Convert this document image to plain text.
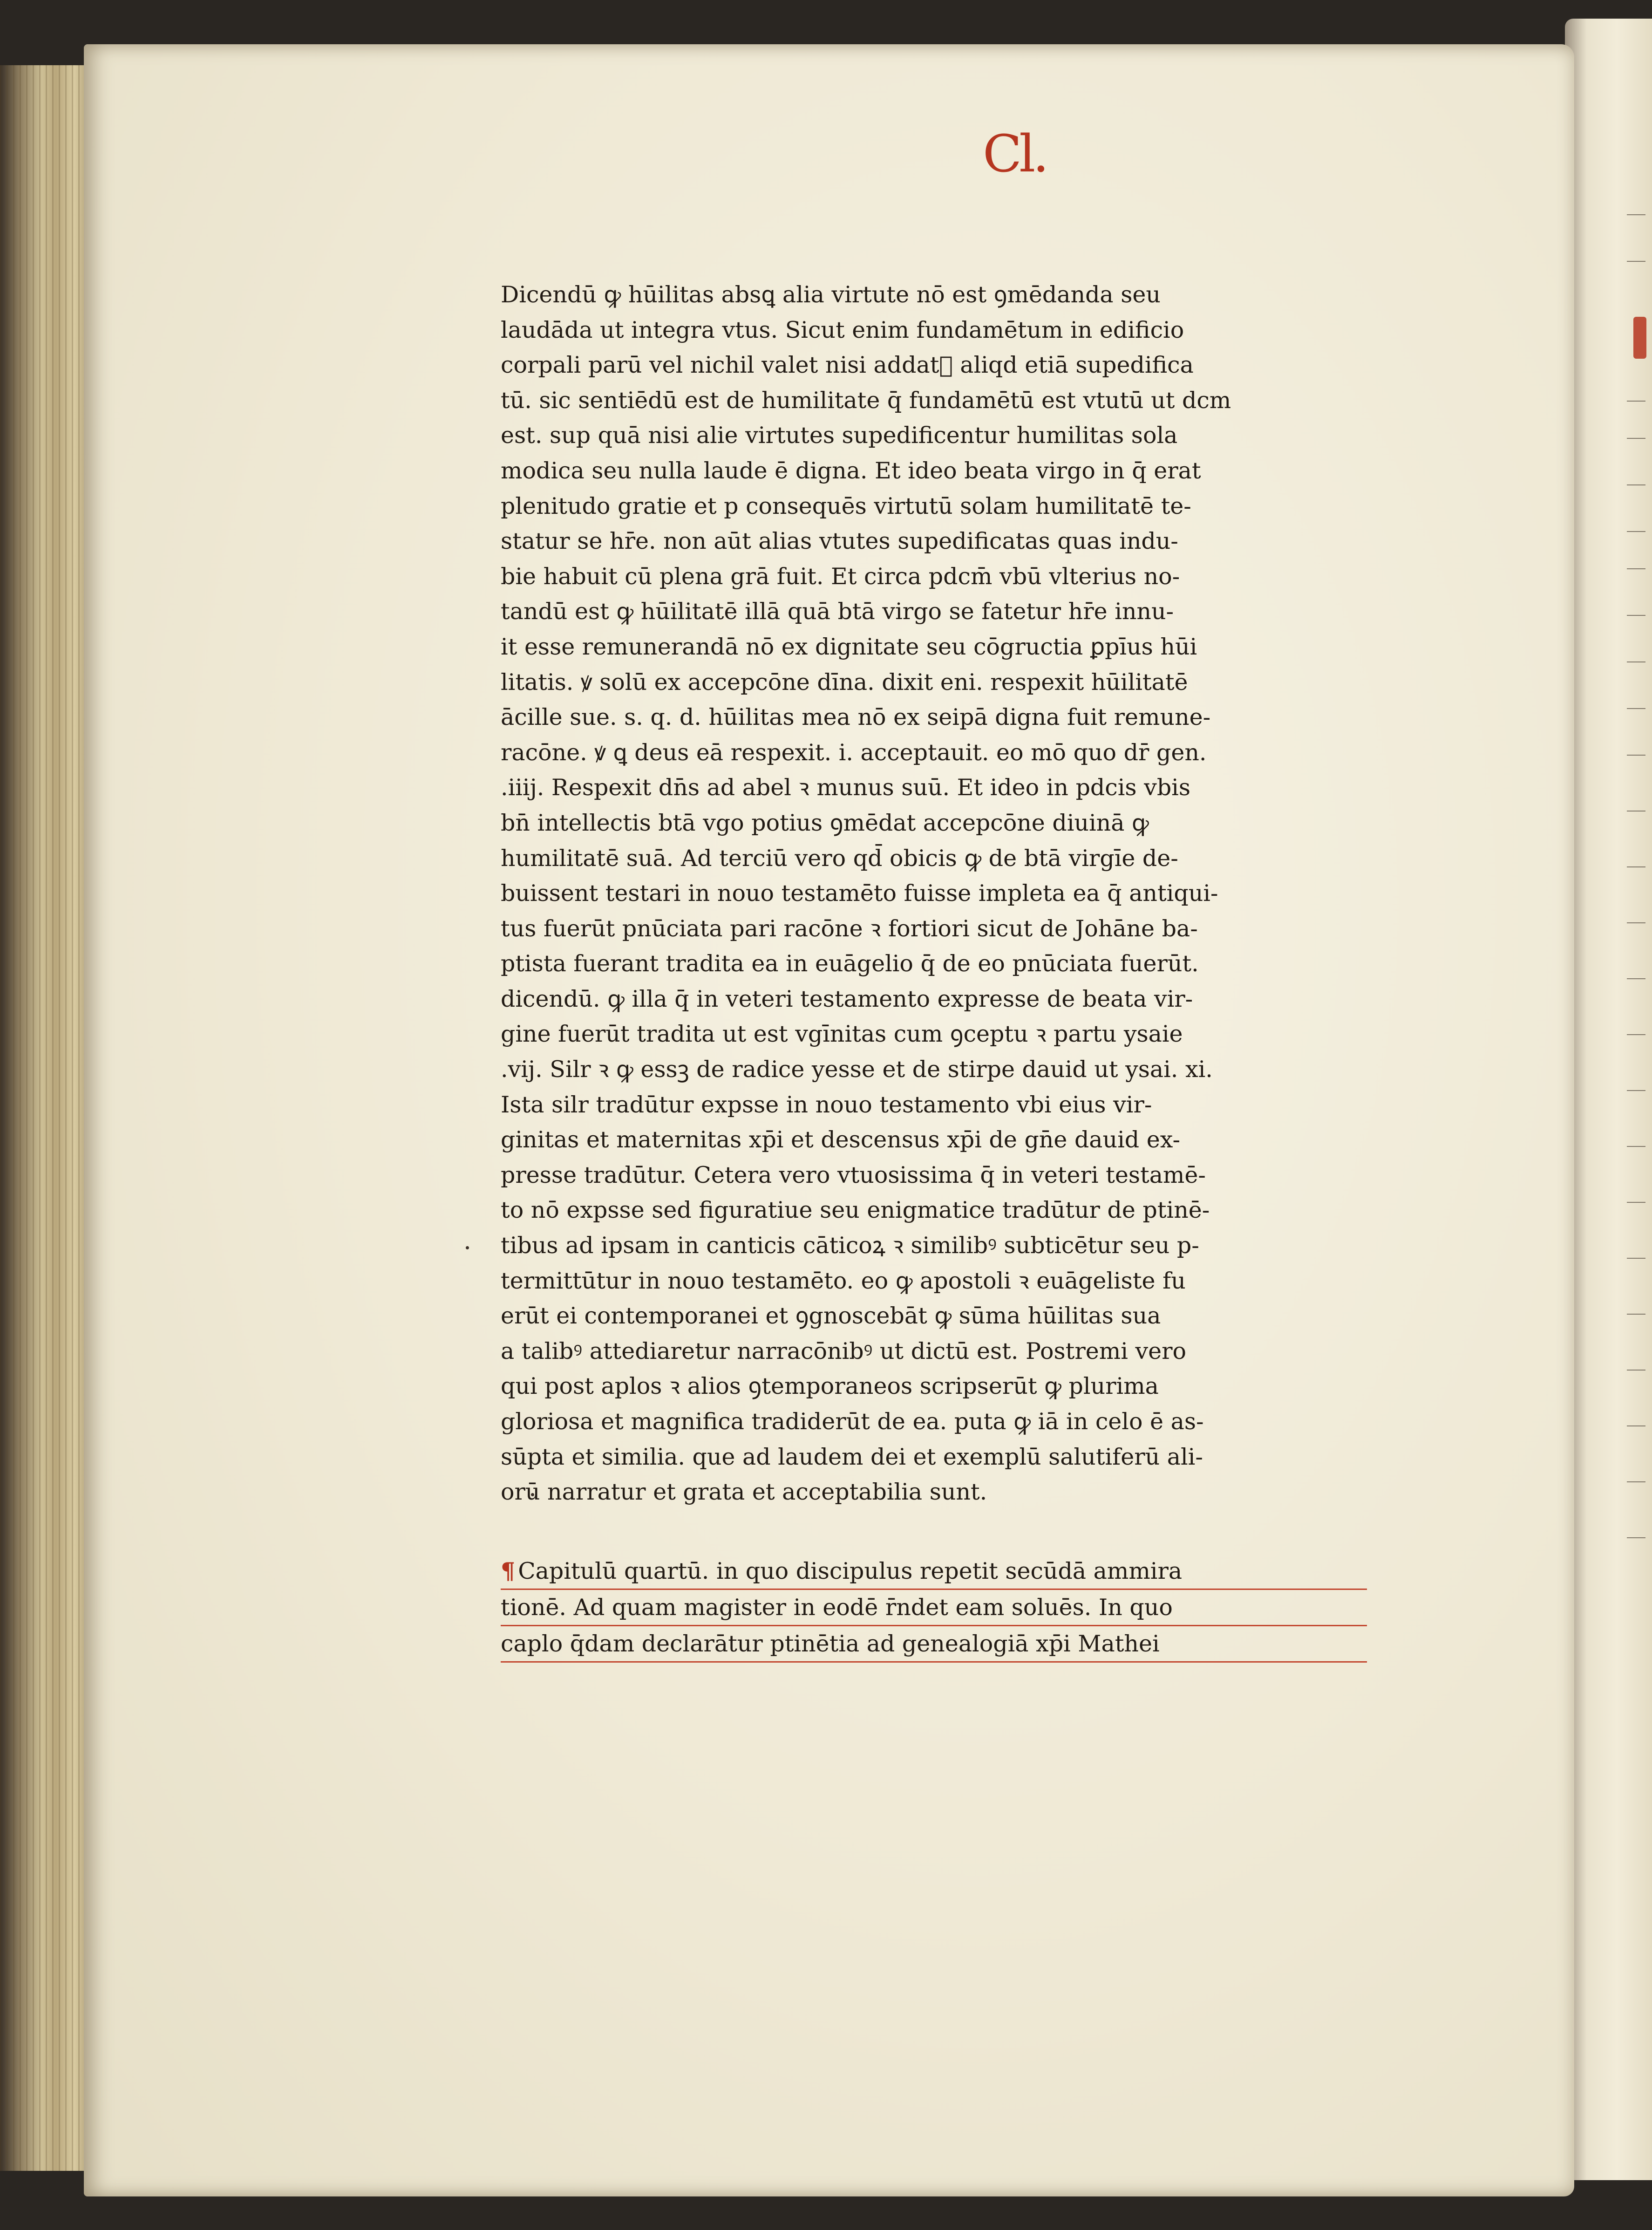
Cl.
Dicendū ꝙ hūilitas absꝗ alia virtute nō est ꝯmēdanda seu
laudāda ut integra vtus. Sicut enim fundamētum in edificio
corpali parū vel nichil valet nisi addatᷓ aliqd etiā supedifica
tū. sic sentiēdū est de humilitate q̄ fundamētū est vtutū ut dcm
est. sup quā nisi alie virtutes supedificentur humilitas sola
modica seu nulla laude ē digna. Et ideo beata virgo in q̄ erat
plenitudo gratie et p consequēs virtutū solam humilitatē te-
statur se hr̄e. non aūt alias vtutes supedificatas quas indu-
bie habuit cū plena grā fuit. Et circa pdcm̄ vbū vlterius no-
tandū est ꝙ hūilitatē illā quā btā virgo se fatetur hr̄e innu-
it esse remunerandā nō ex dignitate seu cōgructia ꝑpīus hūi
litatis. ꝟ solū ex accepcōne dīna. dixit eni. respexit hūilitatē
ācille sue. s. q. d. hūilitas mea nō ex seipā digna fuit remune-
racōne. ꝟ ꝗ deus eā respexit. i. acceptauit. eo mō quo dr̄ gen.
.iiij. Respexit dn̄s ad abel ꝛ munus suū. Et ideo in pdcis vbis
bn̄ intellectis btā vgo potius ꝯmēdat accepcōne diuinā ꝙ
humilitatē suā. Ad terciū vero qd̄ obicis ꝙ de btā virgīe de-
buissent testari in nouo testamēto fuisse impleta ea q̄ antiqui-
tus fuerūt pnūciata pari racōne ꝛ fortiori sicut de Johāne ba-
ptista fuerant tradita ea in euāgelio q̄ de eo pnūciata fuerūt.
dicendū. ꝙ illa q̄ in veteri testamento expresse de beata vir-
gine fuerūt tradita ut est vgīnitas cum ꝯceptu ꝛ partu ysaie
.vij. Silr ꝛ ꝙ essꝫ de radice yesse et de stirpe dauid ut ysai. xi.
Ista silr tradūtur expsse in nouo testamento vbi eius vir-
ginitas et maternitas xp̄i et descensus xp̄i de gn̄e dauid ex-
presse tradūtur. Cetera vero vtuosissima q̄ in veteri testamē-
to nō expsse sed figuratiue seu enigmatice tradūtur de ptinē-
tibus ad ipsam in canticis cāticoꝝ ꝛ similibꝰ subticētur seu p-
termittūtur in nouo testamēto. eo ꝙ apostoli ꝛ euāgeliste fu
erūt ei contemporanei et ꝯgnoscebāt ꝙ sūma hūilitas sua
a talibꝰ attediaretur narracōnibꝰ ut dictū est. Postremi vero
qui post aplos ꝛ alios ꝯtemporaneos scripserūt ꝙ plurima
gloriosa et magnifica tradiderūt de ea. puta ꝙ iā in celo ē as-
sūpta et similia. que ad laudem dei et exemplū salutiferū ali-
orū narratur et grata et acceptabilia sunt.
¶ Capitulū quartū. in quo discipulus repetit secūdā ammira
tionē. Ad quam magister in eodē r̄ndet eam soluēs. In quo
caplo q̄dam declarātur ptinētia ad genealogiā xp̄i Mathei
